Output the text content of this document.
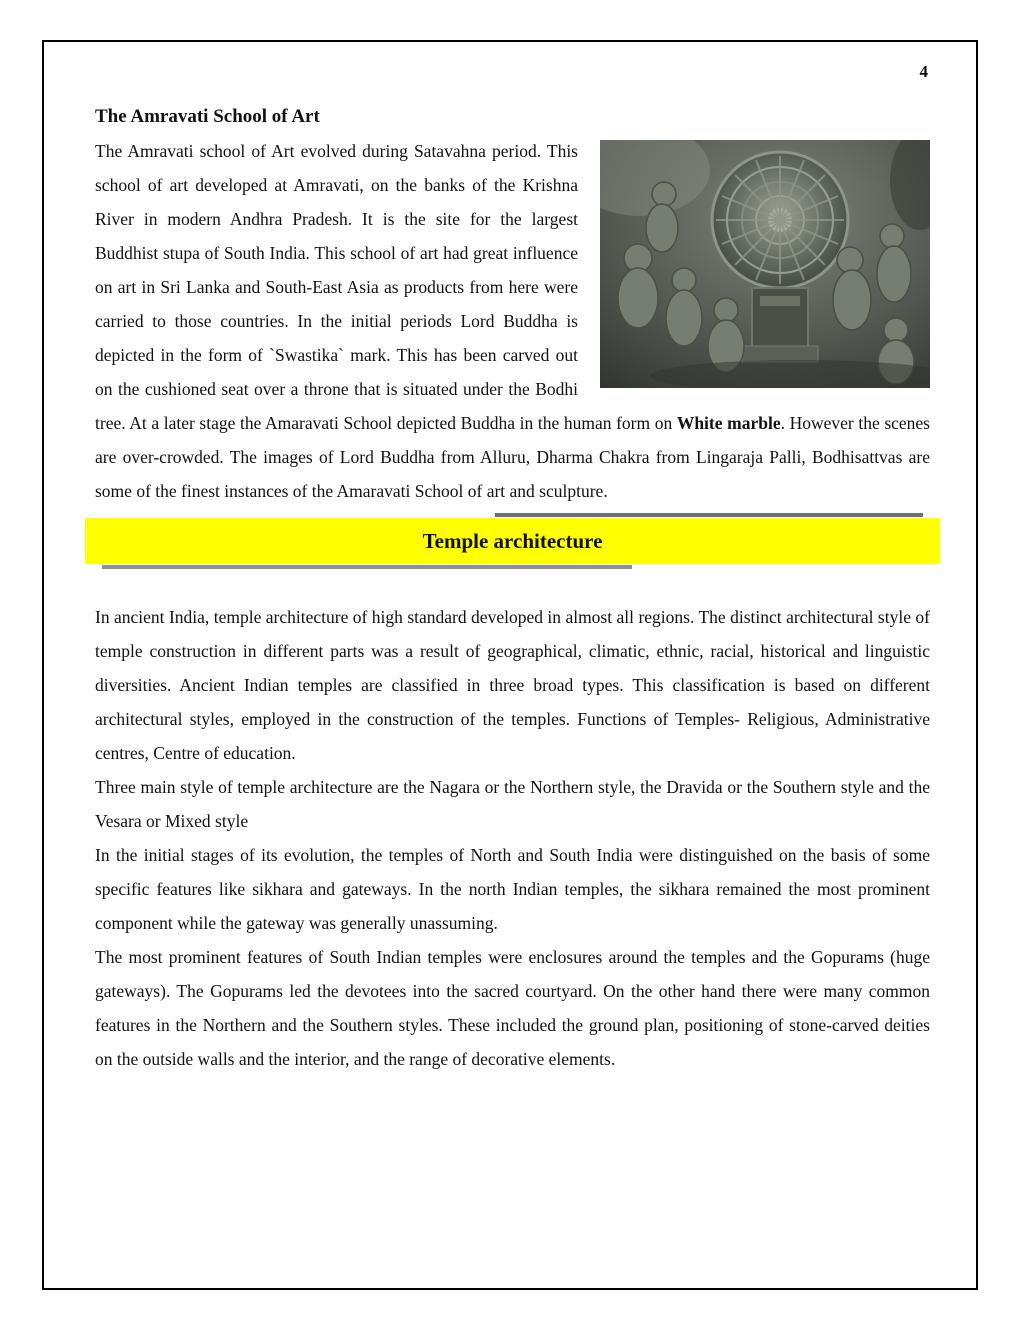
4
The Amravati School of Art

The Amravati school of Art evolved during Satavahna period. This school of art developed at Amravati, on the banks of the Krishna River in modern Andhra Pradesh. It is the site for the largest Buddhist stupa of South India. This school of art had great influence on art in Sri Lanka and South-East Asia as products from here were carried to those countries. In the initial periods Lord Buddha is depicted in the form of `Swastika` mark. This has been carved out on the cushioned seat over a throne that is situated under the Bodhi tree. At a later stage the Amaravati School depicted Buddha in the human form on White marble. However the scenes are over-crowded. The images of Lord Buddha from Alluru, Dharma Chakra from Lingaraja Palli, Bodhisattvas are some of the finest instances of the Amaravati School of art and sculpture.

Temple architecture

In ancient India, temple architecture of high standard developed in almost all regions. The distinct architectural style of temple construction in different parts was a result of geographical, climatic, ethnic, racial, historical and linguistic diversities. Ancient Indian temples are classified in three broad types. This classification is based on different architectural styles, employed in the construction of the temples. Functions of Temples- Religious, Administrative centres, Centre of education.

Three main style of temple architecture are the Nagara or the Northern style, the Dravida or the Southern style and the Vesara or Mixed style

In the initial stages of its evolution, the temples of North and South India were distinguished on the basis of some specific features like sikhara and gateways. In the north Indian temples, the sikhara remained the most prominent component while the gateway was generally unassuming.

The most prominent features of South Indian temples were enclosures around the temples and the Gopurams (huge gateways). The Gopurams led the devotees into the sacred courtyard. On the other hand there were many common features in the Northern and the Southern styles. These included the ground plan, positioning of stone-carved deities on the outside walls and the interior, and the range of decorative elements.
